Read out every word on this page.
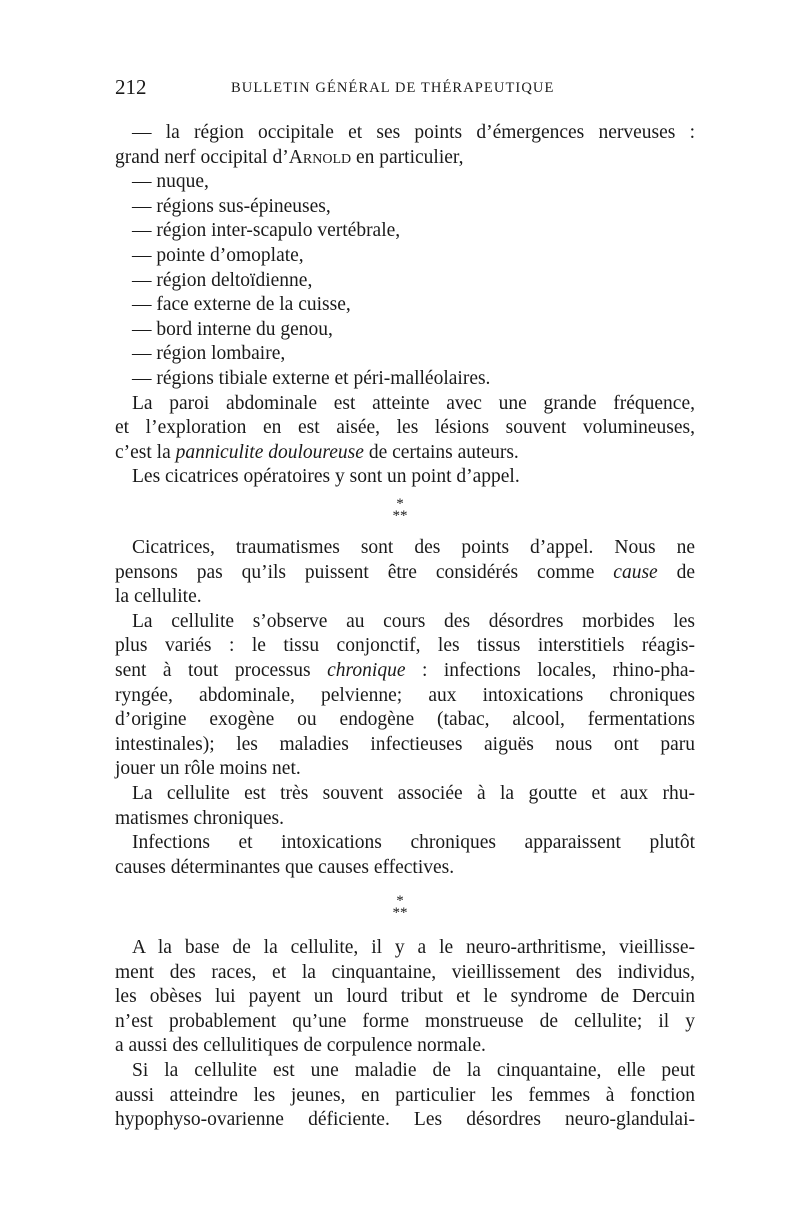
212	BULLETIN GÉNÉRAL DE THÉRAPEUTIQUE
— la région occipitale et ses points d’émergences nerveuses :
grand nerf occipital d’Arnold en particulier,
— nuque,
— régions sus-épineuses,
— région inter-scapulo vertébrale,
— pointe d’omoplate,
— région deltoïdienne,
— face externe de la cuisse,
— bord interne du genou,
— région lombaire,
— régions tibiale externe et péri-malléolaires.
La paroi abdominale est atteinte avec une grande fréquence,
et l’exploration en est aisée, les lésions souvent volumineuses,
c’est la panniculite douloureuse de certains auteurs.
Les cicatrices opératoires y sont un point d’appel.
*
**
Cicatrices, traumatismes sont des points d’appel. Nous ne
pensons pas qu’ils puissent être considérés comme cause de
la cellulite.
La cellulite s’observe au cours des désordres morbides les
plus variés : le tissu conjonctif, les tissus interstitiels réagis-
sent à tout processus chronique : infections locales, rhino-pha-
ryngée, abdominale, pelvienne; aux intoxications chroniques
d’origine exogène ou endogène (tabac, alcool, fermentations
intestinales); les maladies infectieuses aiguës nous ont paru
jouer un rôle moins net.
La cellulite est très souvent associée à la goutte et aux rhu-
matismes chroniques.
Infections et intoxications chroniques apparaissent plutôt
causes déterminantes que causes effectives.
*
**
A la base de la cellulite, il y a le neuro-arthritisme, vieillisse-
ment des races, et la cinquantaine, vieillissement des individus,
les obèses lui payent un lourd tribut et le syndrome de Dercuin
n’est probablement qu’une forme monstrueuse de cellulite; il y
a aussi des cellulitiques de corpulence normale.
Si la cellulite est une maladie de la cinquantaine, elle peut
aussi atteindre les jeunes, en particulier les femmes à fonction
hypophyso-ovarienne déficiente. Les désordres neuro-glandulai-
